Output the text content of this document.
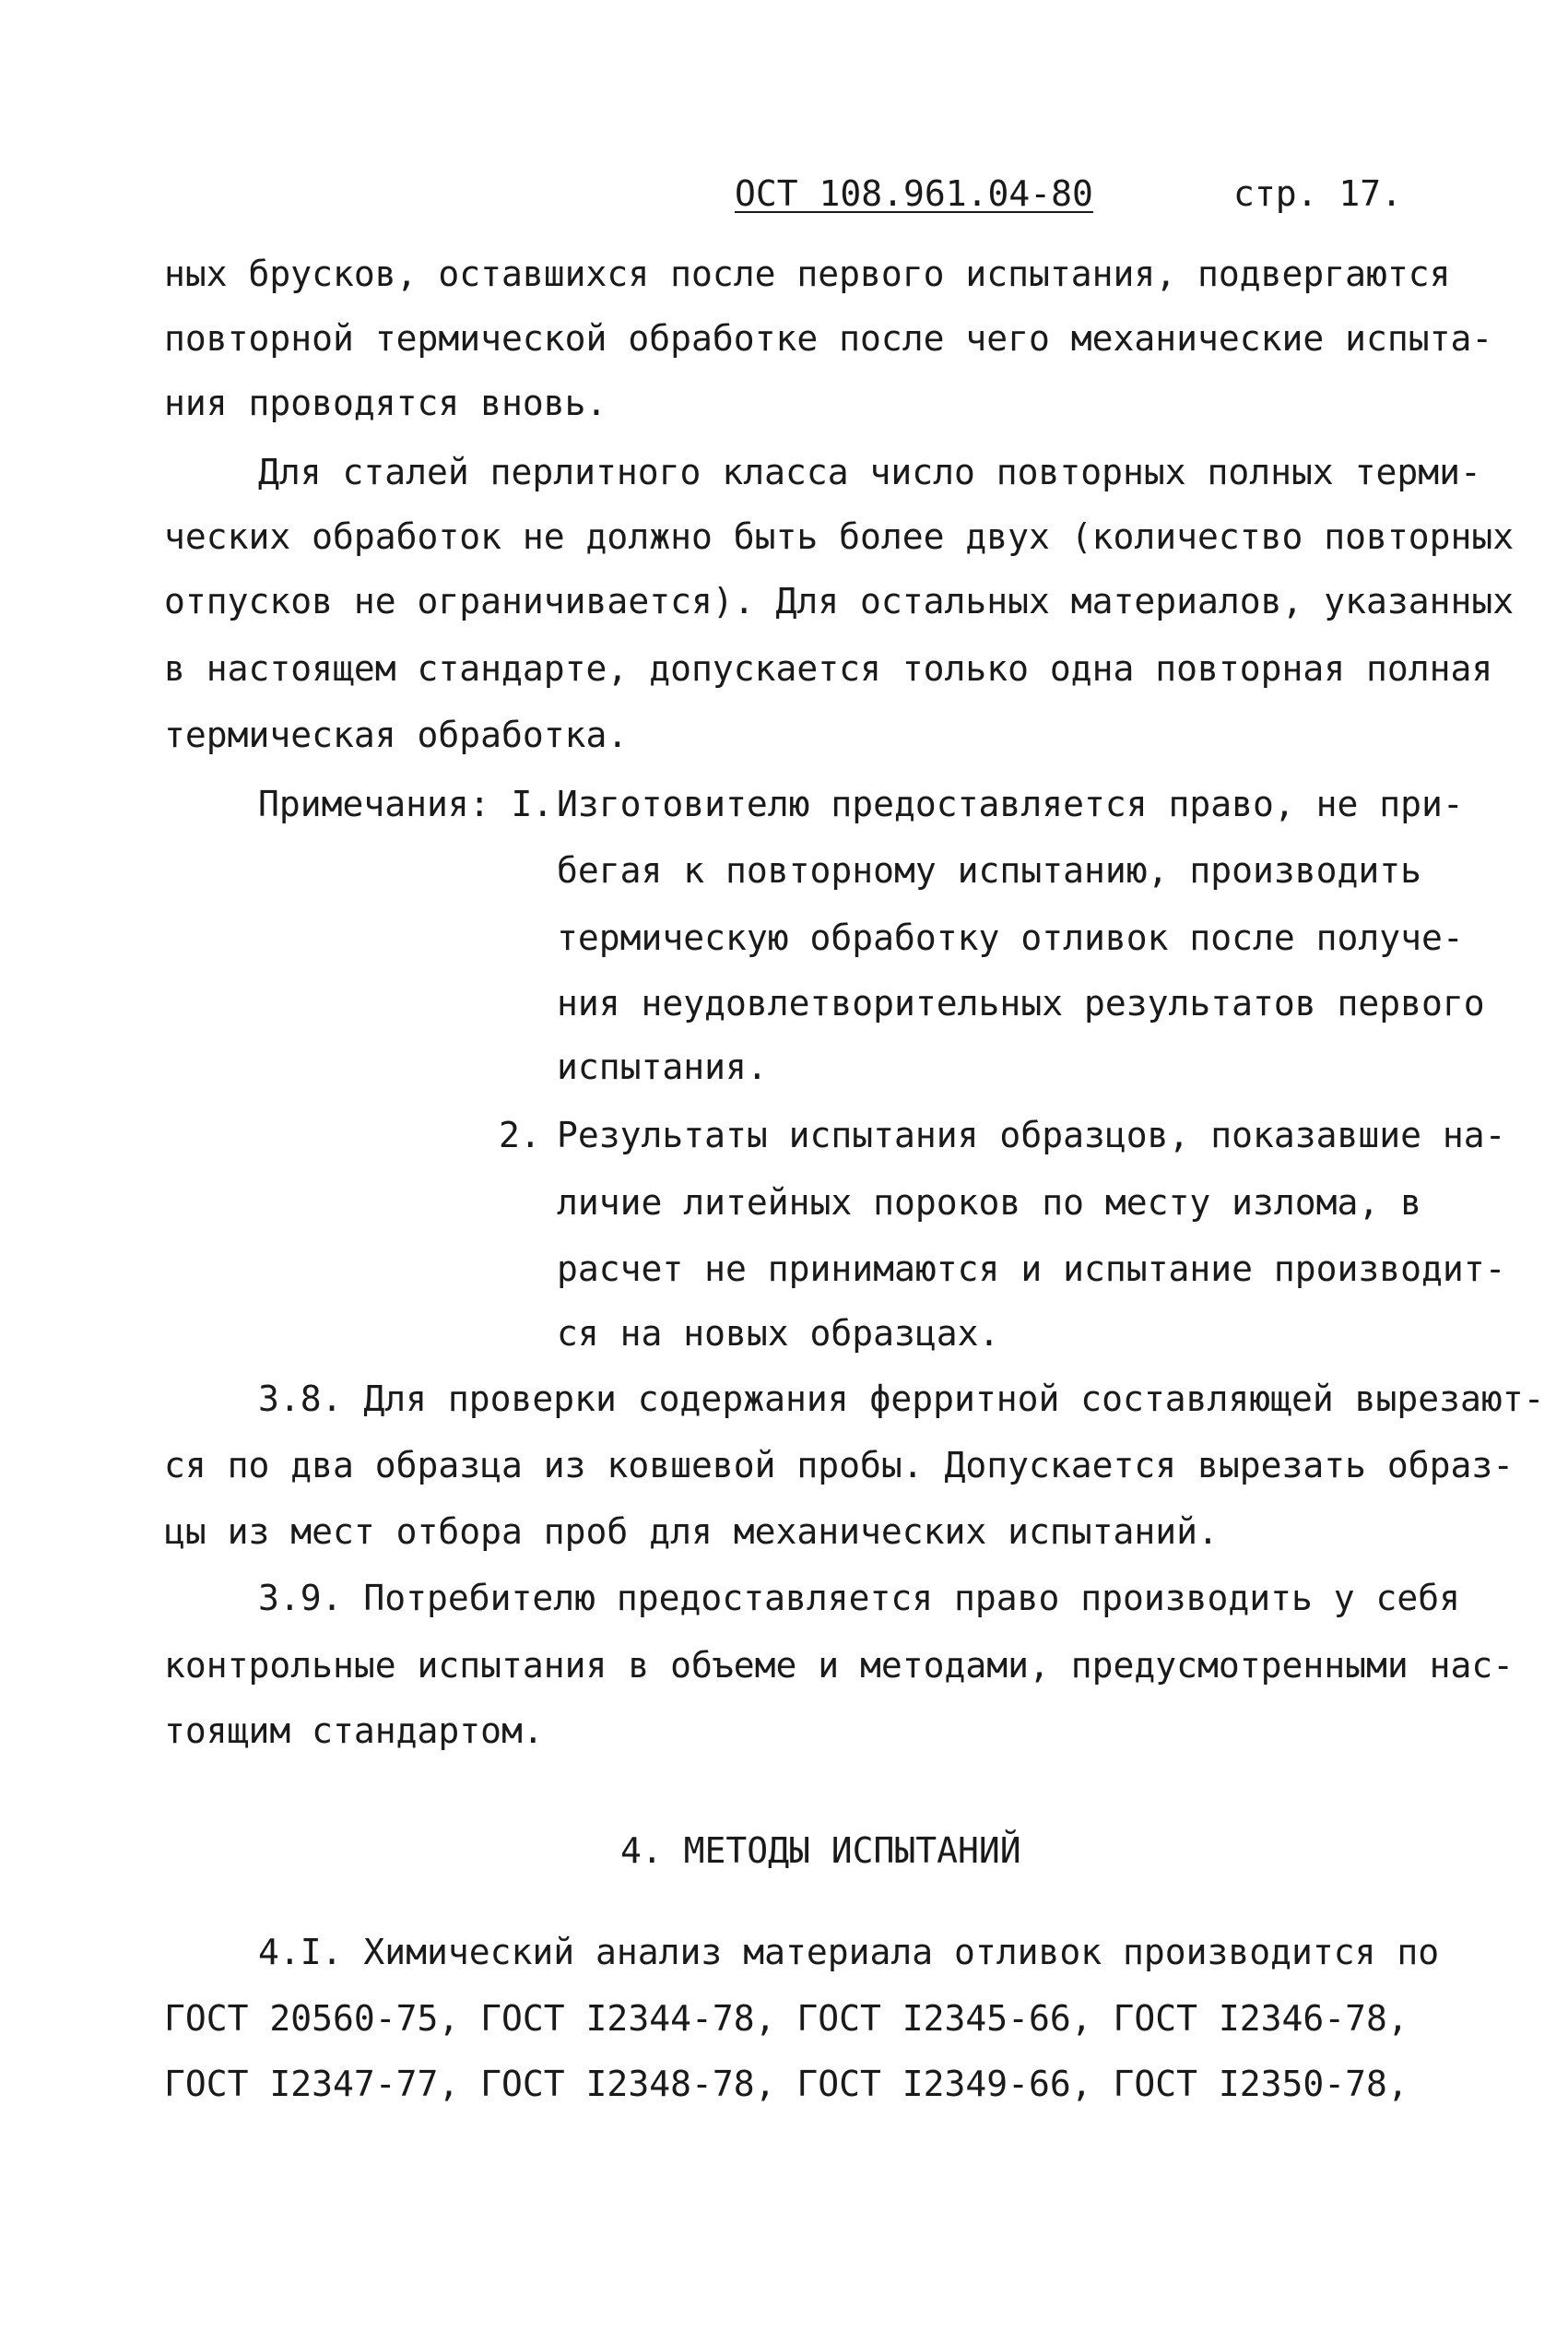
ОСТ 108.961.04-80	стр. 17.
ных брусков, оставшихся после первого испытания, подвергаются
повторной термической обработке после чего механические испыта-
ния проводятся вновь.
Для сталей перлитного класса число повторных полных терми-
ческих обработок не должно быть более двух (количество повторных
отпусков не ограничивается). Для остальных материалов, указанных
в настоящем стандарте, допускается только одна повторная полная
термическая обработка.
Примечания: I.
Изготовителю предоставляется право, не при-
бегая к повторному испытанию, производить
термическую обработку отливок после получе-
ния неудовлетворительных результатов первого
испытания.
2.
Результаты испытания образцов, показавшие на-
личие литейных пороков по месту излома, в
расчет не принимаются и испытание производит-
ся на новых образцах.
3.8. Для проверки содержания ферритной составляющей вырезают-
ся по два образца из ковшевой пробы. Допускается вырезать образ-
цы из мест отбора проб для механических испытаний.
3.9. Потребителю предоставляется право производить у себя
контрольные испытания в объеме и методами, предусмотренными нас-
тоящим стандартом.
4. МЕТОДЫ ИСПЫТАНИЙ
4.I. Химический анализ материала отливок производится по
ГОСТ 20560-75, ГОСТ I2344-78, ГОСТ I2345-66, ГОСТ I2346-78,
ГОСТ I2347-77, ГОСТ I2348-78, ГОСТ I2349-66, ГОСТ I2350-78,
